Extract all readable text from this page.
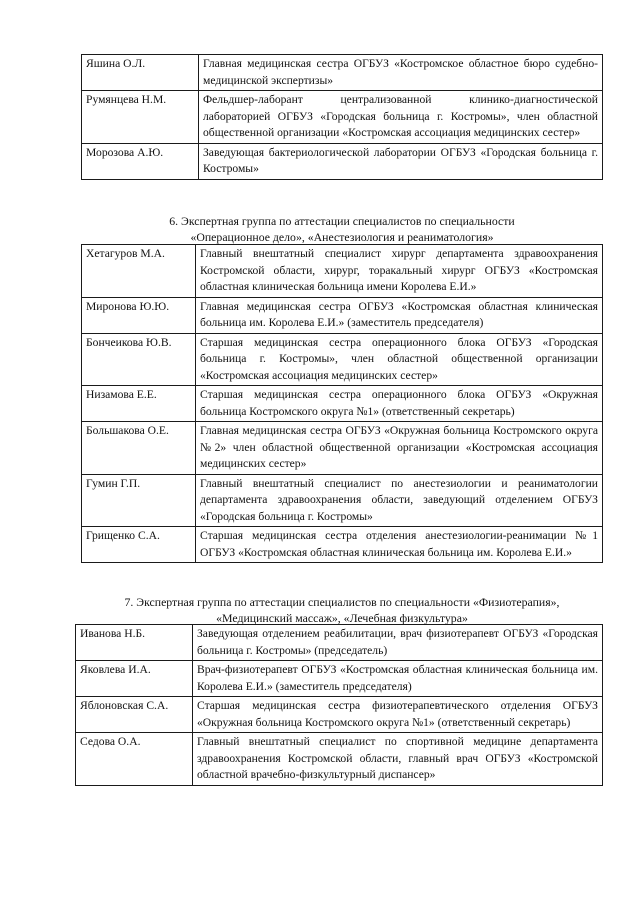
Яшина О.Л.	Главная медицинская сестра ОГБУЗ «Костромское областное бюро судебно-медицинской экспертизы»
Румянцева Н.М.	Фельдшер-лаборант централизованной клинико-диагностической лабораторией ОГБУЗ «Городская больница г. Костромы», член областной общественной организации «Костромская ассоциация медицинских сестер»
Морозова А.Ю.	Заведующая бактериологической лаборатории ОГБУЗ «Городская больница г. Костромы»
6. Экспертная группа по аттестации специалистов по специальности
«Операционное дело», «Анестезиология и реаниматология»
Хетагуров М.А.	Главный внештатный специалист хирург департамента здравоохранения Костромской области, хирург, торакальный хирург ОГБУЗ «Костромская областная клиническая больница имени Королева Е.И.»
Миронова Ю.Ю.	Главная медицинская сестра ОГБУЗ «Костромская областная клиническая больница им. Королева Е.И.» (заместитель председателя)
Бончеикова Ю.В.	Старшая медицинская сестра операционного блока ОГБУЗ «Городская больница г. Костромы», член областной общественной организации «Костромская ассоциация медицинских сестер»
Низамова Е.Е.	Старшая медицинская сестра операционного блока ОГБУЗ «Окружная больница Костромского округа №1» (ответственный секретарь)
Большакова О.Е.	Главная медицинская сестра ОГБУЗ «Окружная больница Костромского округа №2» член областной общественной организации «Костромская ассоциация медицинских сестер»
Гумин Г.П.	Главный внештатный специалист по анестезиологии и реаниматологии департамента здравоохранения области, заведующий отделением ОГБУЗ «Городская больница г. Костромы»
Грищенко С.А.	Старшая медицинская сестра отделения анестезиологии-реанимации №1 ОГБУЗ «Костромская областная клиническая больница им. Королева Е.И.»
7. Экспертная группа по аттестации специалистов по специальности «Физиотерапия»,
«Медицинский массаж», «Лечебная физкультура»
Иванова Н.Б.	Заведующая отделением реабилитации, врач физиотерапевт ОГБУЗ «Городская больница г. Костромы» (председатель)
Яковлева И.А.	Врач-физиотерапевт ОГБУЗ «Костромская областная клиническая больница им. Королева Е.И.» (заместитель председателя)
Яблоновская С.А.	Старшая медицинская сестра физиотерапевтического отделения ОГБУЗ «Окружная больница Костромского округа №1» (ответственный секретарь)
Седова О.А.	Главный внештатный специалист по спортивной медицине департамента здравоохранения Костромской области, главный врач ОГБУЗ «Костромской областной врачебно-физкультурный диспансер»
